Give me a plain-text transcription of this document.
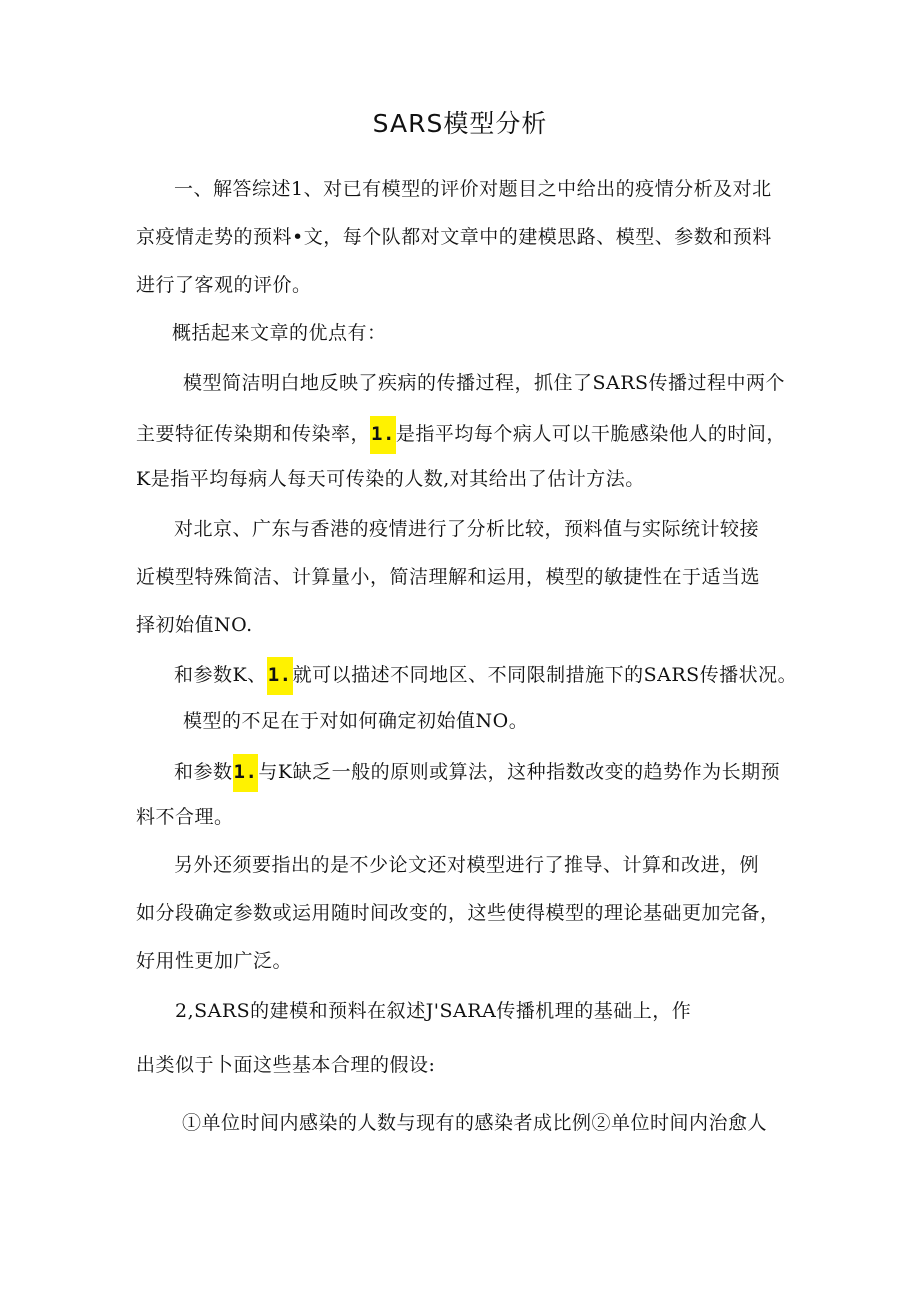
SARS模型分析
一、解答综述1、对已有模型的评价对题目之中给出的疫情分析及对北
京疫情走势的预料•文，每个队都对文章中的建模思路、模型、参数和预料
进行了客观的评价。
概括起来文章的优点有：
模型简洁明白地反映了疾病的传播过程，抓住了SARS传播过程中两个
主要特征传染期和传染率，1.是指平均每个病人可以干脆感染他人的时间，
K是指平均每病人每天可传染的人数,对其给出了估计方法。
对北京、广东与香港的疫情进行了分析比较，预料值与实际统计较接
近模型特殊简洁、计算量小，简洁理解和运用，模型的敏捷性在于适当选
择初始值NO.
和参数K、1.就可以描述不同地区、不同限制措施下的SARS传播状况。
模型的不足在于对如何确定初始值NO。
和参数1.与K缺乏一般的原则或算法，这种指数改变的趋势作为长期预
料不合理。
另外还须要指出的是不少论文还对模型进行了推导、计算和改进，例
如分段确定参数或运用随时间改变的，这些使得模型的理论基础更加完备，
好用性更加广泛。
2,SARS的建模和预料在叙述J'SARA传播机理的基础上，作
出类似于卜面这些基本合理的假设:
①单位时间内感染的人数与现有的感染者成比例②单位时间内治愈人
